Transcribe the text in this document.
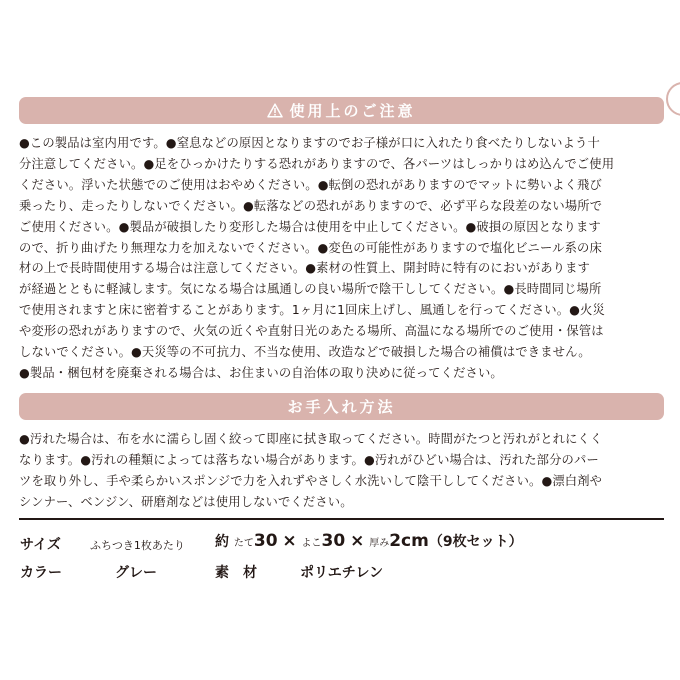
使用上のご注意
●この製品は室内用です。●窒息などの原因となりますのでお子様が口に入れたり食べたりしないよう十
分注意してください。●足をひっかけたりする恐れがありますので、各パーツはしっかりはめ込んでご使用
ください。浮いた状態でのご使用はおやめください。●転倒の恐れがありますのでマットに勢いよく飛び
乗ったり、走ったりしないでください。●転落などの恐れがありますので、必ず平らな段差のない場所で
ご使用ください。●製品が破損したり変形した場合は使用を中止してください。●破損の原因となります
ので、折り曲げたり無理な力を加えないでください。●変色の可能性がありますので塩化ビニール系の床
材の上で長時間使用する場合は注意してください。●素材の性質上、開封時に特有のにおいがあります
が経過とともに軽減します。気になる場合は風通しの良い場所で陰干ししてください。●長時間同じ場所
で使用されますと床に密着することがあります。1ヶ月に1回床上げし、風通しを行ってください。●火災
や変形の恐れがありますので、火気の近くや直射日光のあたる場所、高温になる場所でのご使用・保管は
しないでください。●天災等の不可抗力、不当な使用、改造などで破損した場合の補償はできません。
●製品・梱包材を廃棄される場合は、お住まいの自治体の取り決めに従ってください。
お手入れ方法
●汚れた場合は、布を水に濡らし固く絞って即座に拭き取ってください。時間がたつと汚れがとれにくく
なります。●汚れの種類によっては落ちない場合があります。●汚れがひどい場合は、汚れた部分のパー
ツを取り外し、手や柔らかいスポンジで力を入れずやさしく水洗いして陰干ししてください。●漂白剤や
シンナー、ベンジン、研磨剤などは使用しないでください。
サイズ	ふちつき1枚あたり 約 たて30 × よこ30 × 厚み2cm（9枚セット）
カラー	グレー	素　材	ポリエチレン
